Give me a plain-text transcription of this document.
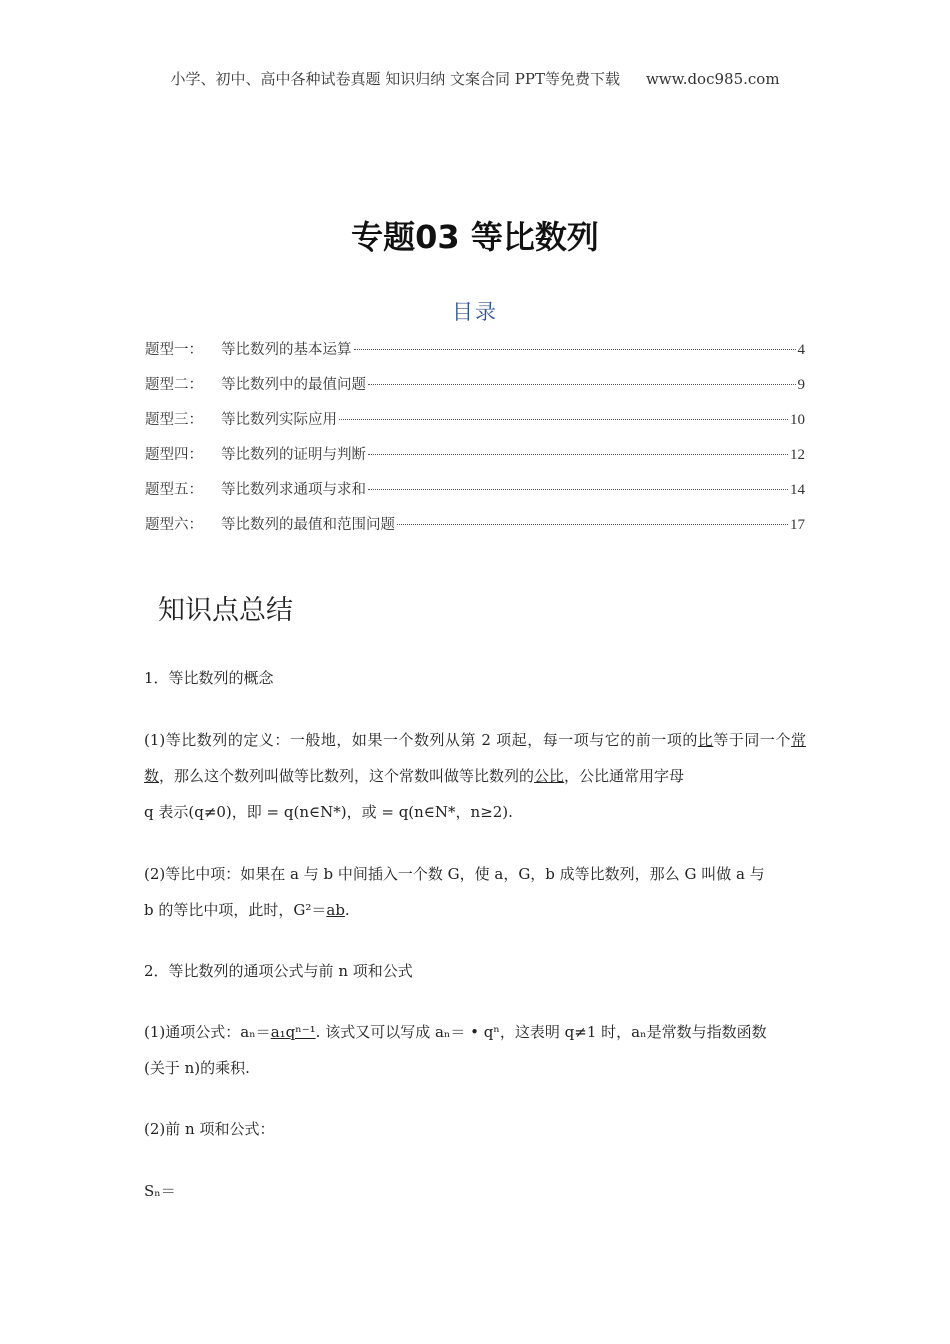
小学、初中、高中各种试卷真题 知识归纳 文案合同 PPT等免费下载 www.doc985.com
专题03 等比数列
目录
题型一：	等比数列的基本运算	4
题型二：	等比数列中的最值问题	9
题型三：	等比数列实际应用	10
题型四：	等比数列的证明与判断	12
题型五：	等比数列求通项与求和	14
题型六：	等比数列的最值和范围问题	17
知识点总结
1．等比数列的概念
(1)等比数列的定义：一般地，如果一个数列从第 2 项起，每一项与它的前一项的比等于同一个常数，那么这个数列叫做等比数列，这个常数叫做等比数列的公比，公比通常用字母
q 表示(q≠0)，即 = q(n∈N*)，或 = q(n∈N*，n≥2).
(2)等比中项：如果在 a 与 b 中间插入一个数 G，使 a，G，b 成等比数列，那么 G 叫做 a 与
b 的等比中项，此时，G²＝ab.
2．等比数列的通项公式与前 n 项和公式
(1)通项公式：aₙ＝a₁qⁿ⁻¹. 该式又可以写成 aₙ＝ • qⁿ，这表明 q≠1 时，aₙ是常数与指数函数
(关于 n)的乘积.
(2)前 n 项和公式：
Sₙ＝
